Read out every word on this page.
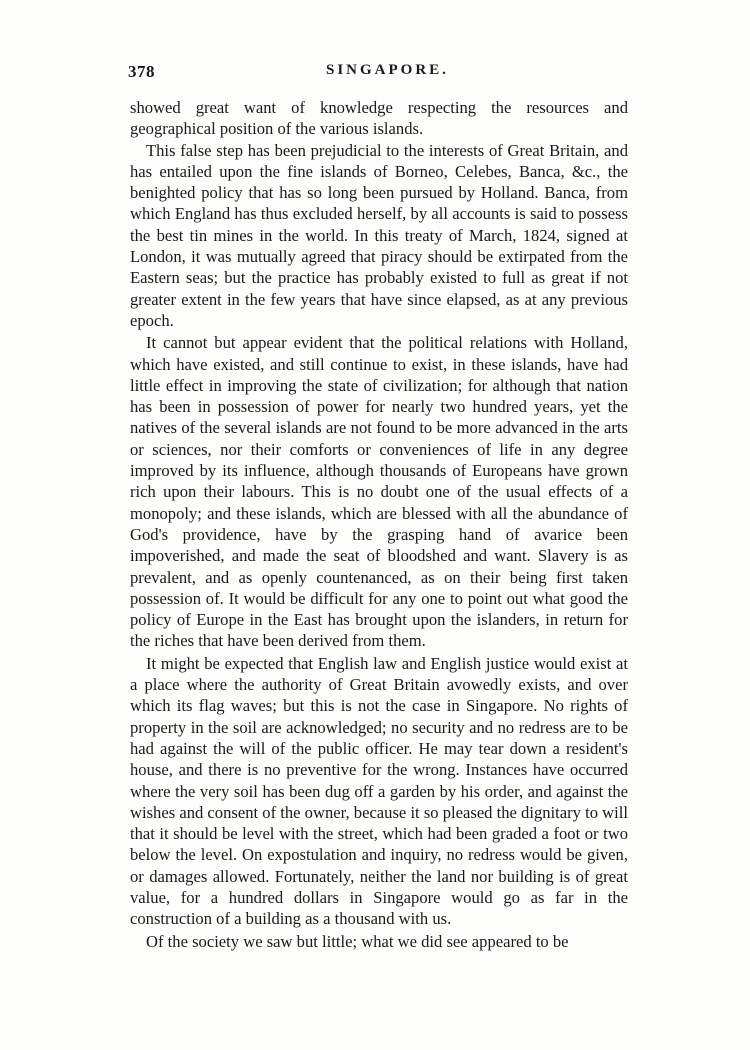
378	SINGAPORE.

showed great want of knowledge respecting the resources and geographical position of the various islands.

This false step has been prejudicial to the interests of Great Britain, and has entailed upon the fine islands of Borneo, Celebes, Banca, &c., the benighted policy that has so long been pursued by Holland. Banca, from which England has thus excluded herself, by all accounts is said to possess the best tin mines in the world. In this treaty of March, 1824, signed at London, it was mutually agreed that piracy should be extirpated from the Eastern seas; but the practice has probably existed to full as great if not greater extent in the few years that have since elapsed, as at any previous epoch.

It cannot but appear evident that the political relations with Holland, which have existed, and still continue to exist, in these islands, have had little effect in improving the state of civilization; for although that nation has been in possession of power for nearly two hundred years, yet the natives of the several islands are not found to be more advanced in the arts or sciences, nor their comforts or conveniences of life in any degree improved by its influence, although thousands of Europeans have grown rich upon their labours. This is no doubt one of the usual effects of a monopoly; and these islands, which are blessed with all the abundance of God's providence, have by the grasping hand of avarice been impoverished, and made the seat of bloodshed and want. Slavery is as prevalent, and as openly countenanced, as on their being first taken possession of. It would be difficult for any one to point out what good the policy of Europe in the East has brought upon the islanders, in return for the riches that have been derived from them.

It might be expected that English law and English justice would exist at a place where the authority of Great Britain avowedly exists, and over which its flag waves; but this is not the case in Singapore. No rights of property in the soil are acknowledged; no security and no redress are to be had against the will of the public officer. He may tear down a resident's house, and there is no preventive for the wrong. Instances have occurred where the very soil has been dug off a garden by his order, and against the wishes and consent of the owner, because it so pleased the dignitary to will that it should be level with the street, which had been graded a foot or two below the level. On expostulation and inquiry, no redress would be given, or damages allowed. Fortunately, neither the land nor building is of great value, for a hundred dollars in Singapore would go as far in the construction of a building as a thousand with us.

Of the society we saw but little; what we did see appeared to be
